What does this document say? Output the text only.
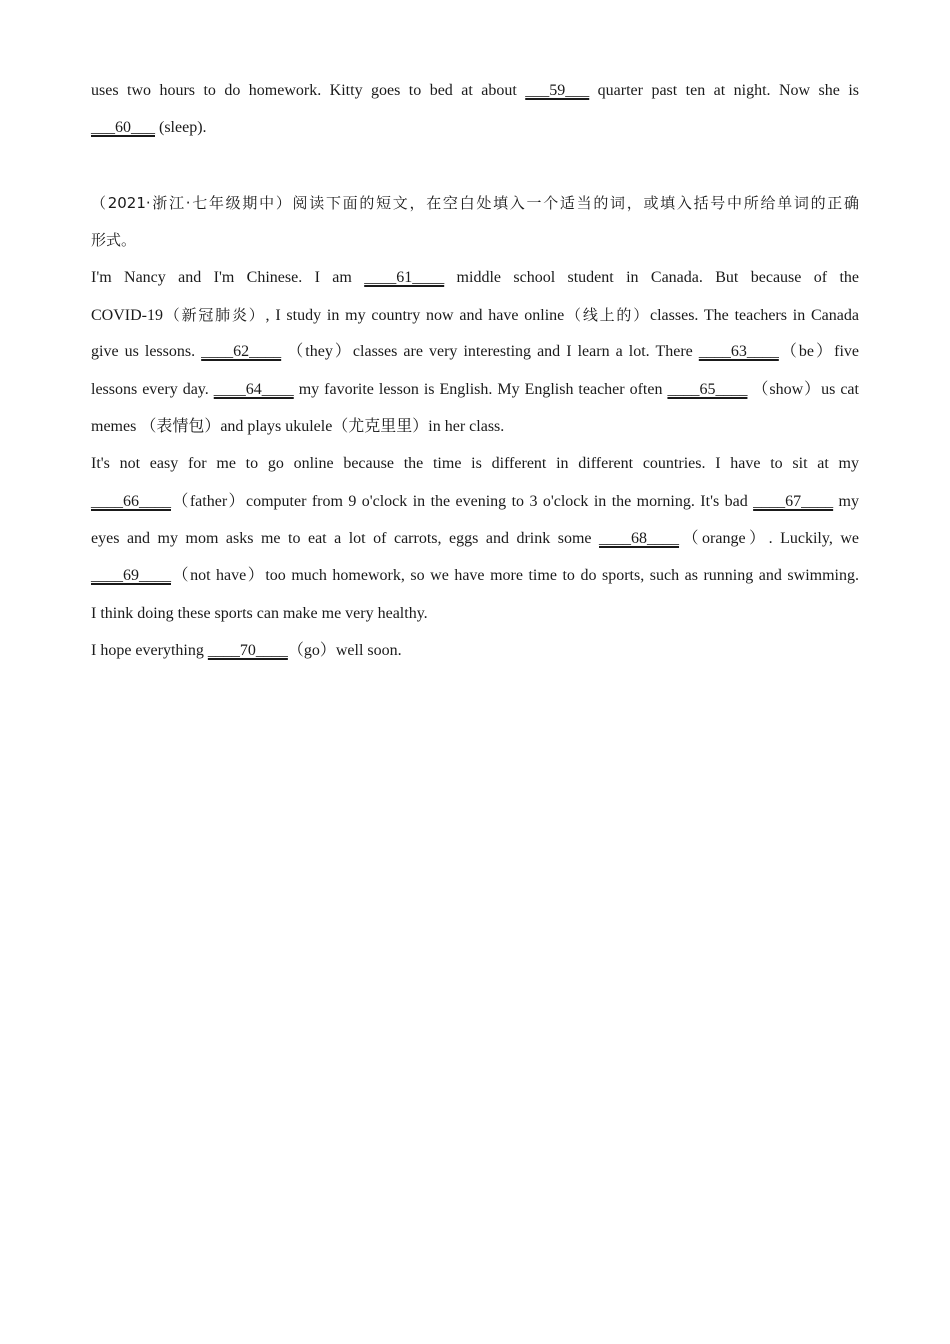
uses two hours to do homework. Kitty goes to bed at about ___59___ quarter past ten at night. Now she is
___60___ (sleep).
（2021·浙江·七年级期中）阅读下面的短文，在空白处填入一个适当的词，或填入括号中所给单词的正确
形式。
I'm Nancy and I'm Chinese. I am ____61____ middle school student in Canada. But because of the
COVID-19（新冠肺炎）, I study in my country now and have online（线上的）classes. The teachers in Canada
give us lessons. ____62____ （they）classes are very interesting and I learn a lot. There ____63____（be）five
lessons every day. ____64____ my favorite lesson is English. My English teacher often ____65____ （show）us cat
memes （表情包）and plays ukulele（尤克里里）in her class.
It's not easy for me to go online because the time is different in different countries. I have to sit at my
____66____（father）computer from 9 o'clock in the evening to 3 o'clock in the morning. It's bad ____67____ my
eyes and my mom asks me to eat a lot of carrots, eggs and drink some ____68____（orange）. Luckily, we
____69____（not have）too much homework, so we have more time to do sports, such as running and swimming.
I think doing these sports can make me very healthy.
I hope everything ____70____（go）well soon.
